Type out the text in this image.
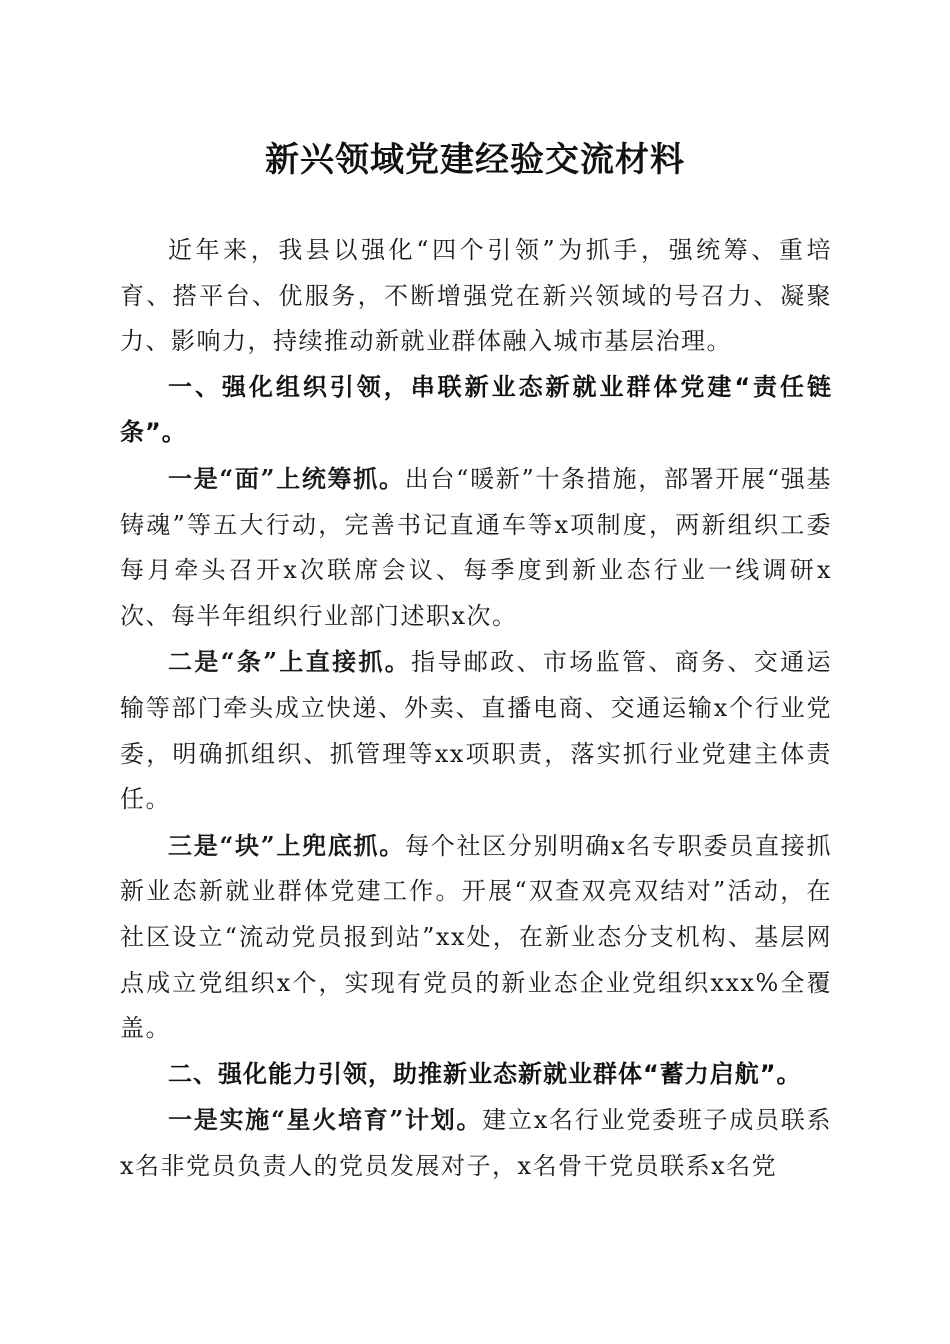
新兴领域党建经验交流材料

近年来，我县以强化“四个引领”为抓手，强统筹、重培育、搭平台、优服务，不断增强党在新兴领域的号召力、凝聚力、影响力，持续推动新就业群体融入城市基层治理。

一、强化组织引领，串联新业态新就业群体党建“责任链条”。

一是“面”上统筹抓。出台“暖新”十条措施，部署开展“强基铸魂”等五大行动，完善书记直通车等x项制度，两新组织工委每月牵头召开x次联席会议、每季度到新业态行业一线调研x次、每半年组织行业部门述职x次。

二是“条”上直接抓。指导邮政、市场监管、商务、交通运输等部门牵头成立快递、外卖、直播电商、交通运输x个行业党委，明确抓组织、抓管理等xx项职责，落实抓行业党建主体责任。

三是“块”上兜底抓。每个社区分别明确x名专职委员直接抓新业态新就业群体党建工作。开展“双查双亮双结对”活动，在社区设立“流动党员报到站”xx处，在新业态分支机构、基层网点成立党组织x个，实现有党员的新业态企业党组织xxx%全覆盖。

二、强化能力引领，助推新业态新就业群体“蓄力启航”。

一是实施“星火培育”计划。建立x名行业党委班子成员联系x名非党员负责人的党员发展对子，x名骨干党员联系x名党
